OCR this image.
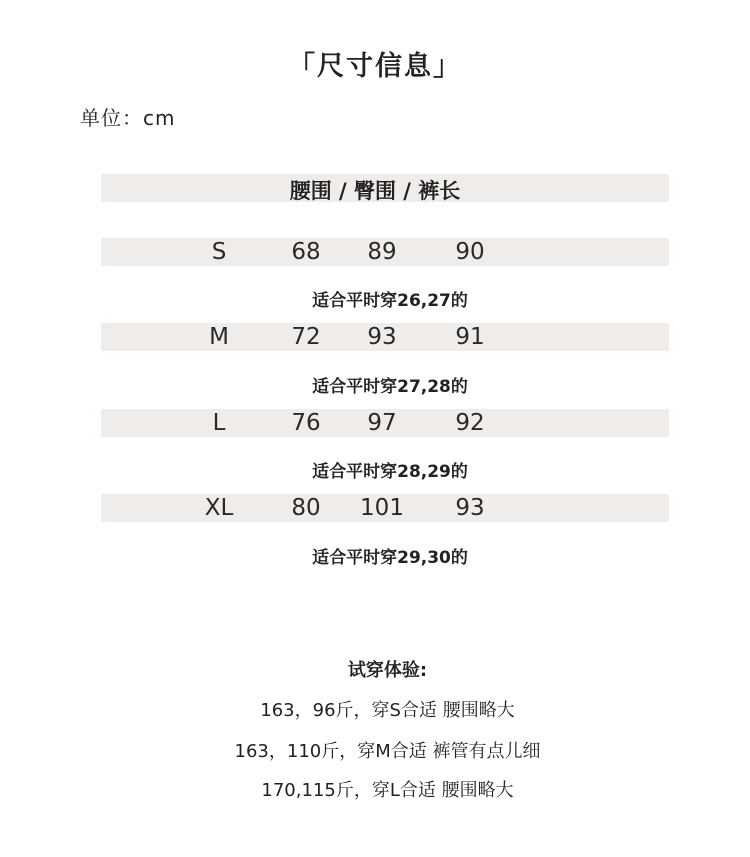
「尺寸信息」
单位：cm
腰围 / 臀围 / 裤长
S	68	89	90
适合平时穿26,27的
M	72	93	91
适合平时穿27,28的
L	76	97	92
适合平时穿28,29的
XL	80	101	93
适合平时穿29,30的
试穿体验:
163，96斤，穿S合适 腰围略大
163，110斤，穿M合适 裤管有点儿细
170,115斤，穿L合适 腰围略大
